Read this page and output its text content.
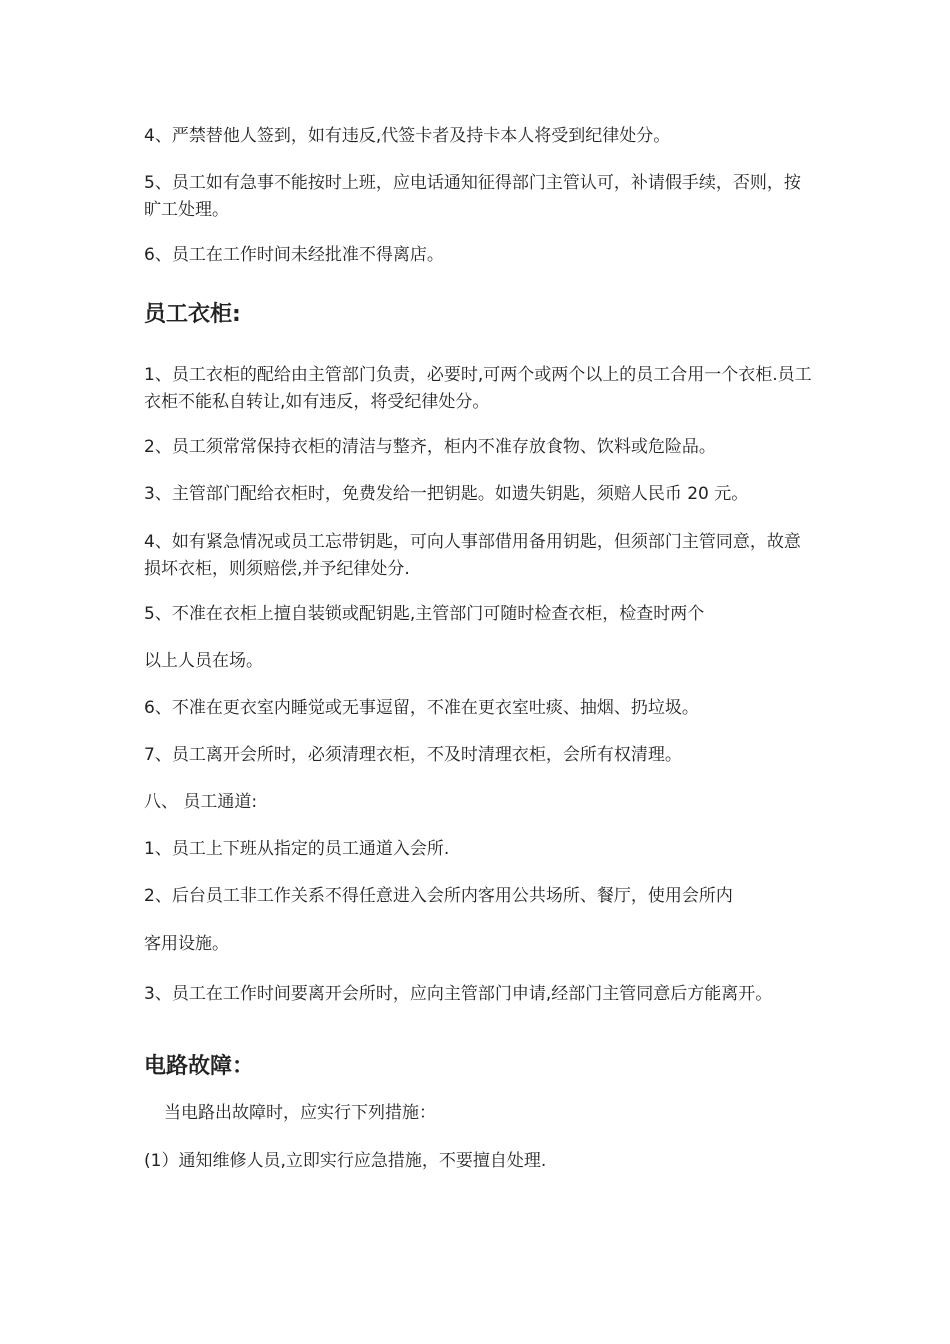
4、严禁替他人签到，如有违反,代签卡者及持卡本人将受到纪律处分。

5、员工如有急事不能按时上班，应电话通知征得部门主管认可，补请假手续，否则，按旷工处理。

6、员工在工作时间未经批准不得离店。

员工衣柜:

1、员工衣柜的配给由主管部门负责，必要时,可两个或两个以上的员工合用一个衣柜.员工衣柜不能私自转让,如有违反，将受纪律处分。

2、员工须常常保持衣柜的清洁与整齐，柜内不准存放食物、饮料或危险品。

3、主管部门配给衣柜时，免费发给一把钥匙。如遗失钥匙，须赔人民币 20 元。

4、如有紧急情况或员工忘带钥匙，可向人事部借用备用钥匙，但须部门主管同意，故意损坏衣柜，则须赔偿,并予纪律处分.

5、不准在衣柜上擅自装锁或配钥匙,主管部门可随时检查衣柜，检查时两个

以上人员在场。

6、不准在更衣室内睡觉或无事逗留，不准在更衣室吐痰、抽烟、扔垃圾。

7、员工离开会所时，必须清理衣柜，不及时清理衣柜，会所有权清理。

八、 员工通道:

1、员工上下班从指定的员工通道入会所.

2、后台员工非工作关系不得任意进入会所内客用公共场所、餐厅，使用会所内

客用设施。

3、员工在工作时间要离开会所时，应向主管部门申请,经部门主管同意后方能离开。

电路故障：

当电路出故障时，应实行下列措施：

(1）通知维修人员,立即实行应急措施，不要擅自处理.
